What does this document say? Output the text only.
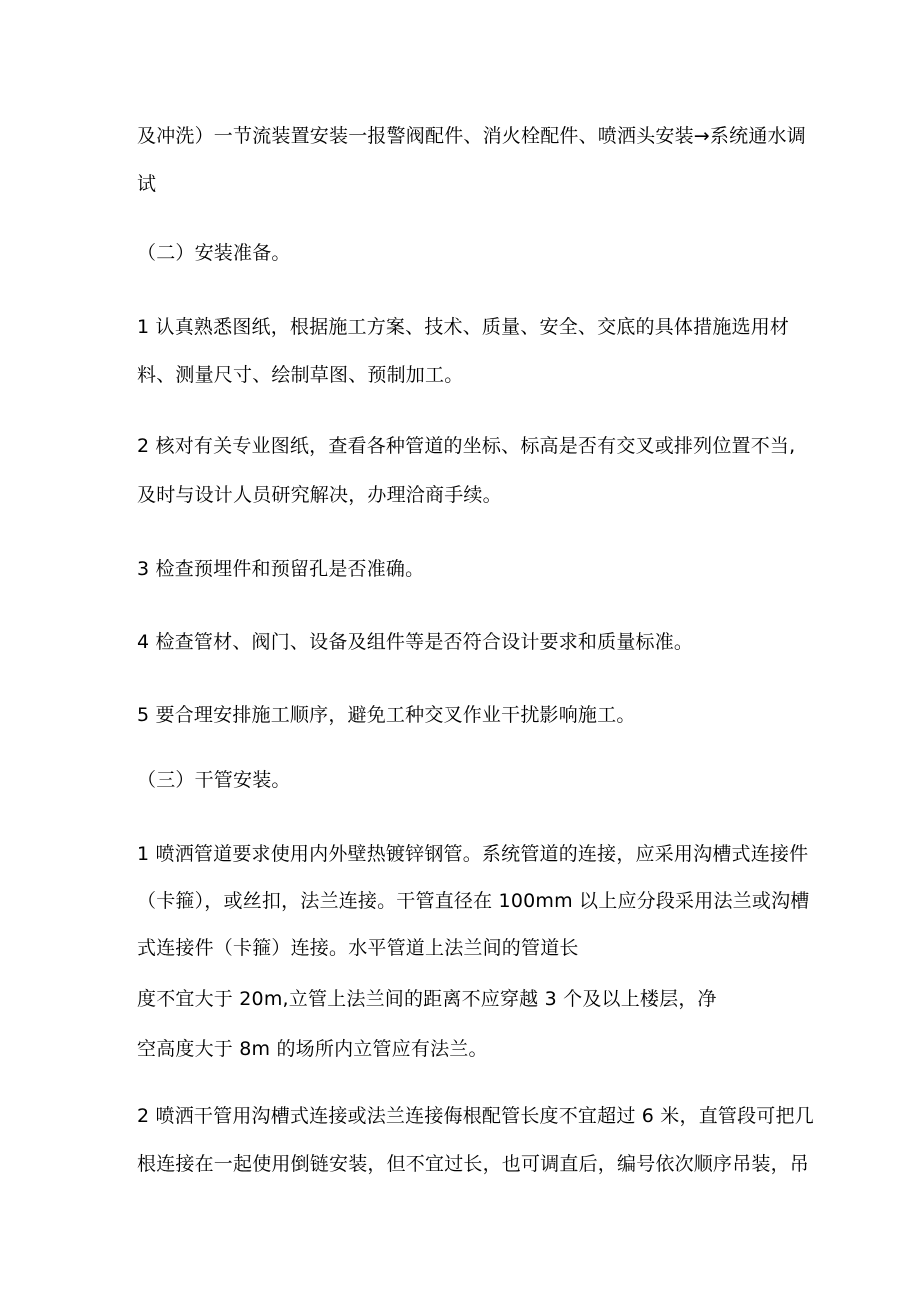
及冲洗）一节流装置安装一报警阀配件、消火栓配件、喷洒头安装→系统通水调
试
（二）安装准备。
1 认真熟悉图纸，根据施工方案、技术、质量、安全、交底的具体措施选用材
料、测量尺寸、绘制草图、预制加工。
2 核对有关专业图纸，查看各种管道的坐标、标高是否有交叉或排列位置不当,
及时与设计人员研究解决，办理洽商手续。
3 检查预埋件和预留孔是否准确。
4 检查管材、阀门、设备及组件等是否符合设计要求和质量标准。
5 要合理安排施工顺序，避免工种交叉作业干扰影响施工。
（三）干管安装。
1 喷洒管道要求使用内外壁热镀锌钢管。系统管道的连接，应采用沟槽式连接件
（卡箍），或丝扣，法兰连接。干管直径在 100mm 以上应分段采用法兰或沟槽
式连接件（卡箍）连接。水平管道上法兰间的管道长
度不宜大于 20m,立管上法兰间的距离不应穿越 3 个及以上楼层，净
空高度大于 8m 的场所内立管应有法兰。
2 喷洒干管用沟槽式连接或法兰连接侮根配管长度不宜超过 6 米，直管段可把几
根连接在一起使用倒链安装，但不宜过长，也可调直后，编号依次顺序吊装，吊
